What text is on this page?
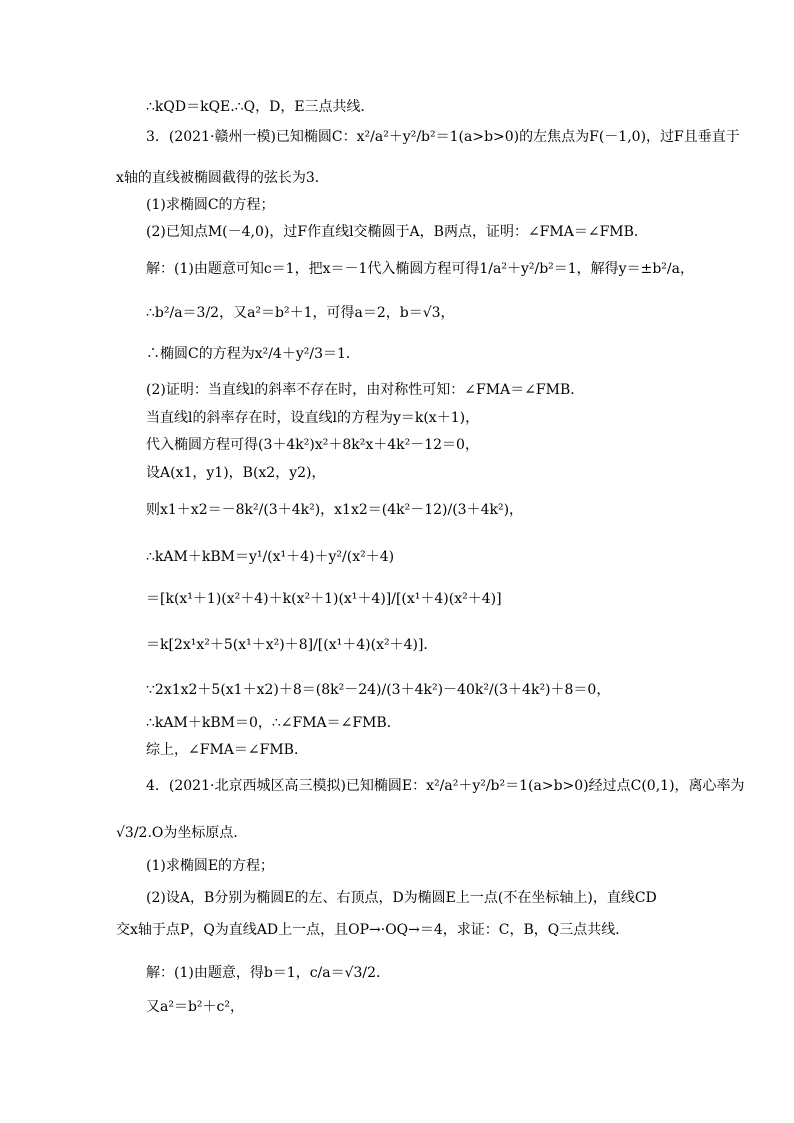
∴kQD＝kQE.∴Q，D，E三点共线．
3．(2021·赣州一模)已知椭圆C：x²/a²＋y²/b²＝1(a>b>0)的左焦点为F(－1,0)，过F且垂直于
x轴的直线被椭圆截得的弦长为3．
(1)求椭圆C的方程；
(2)已知点M(－4,0)，过F作直线l交椭圆于A，B两点，证明：∠FMA＝∠FMB．
解：(1)由题意可知c＝1，把x＝－1代入椭圆方程可得1/a²＋y²/b²＝1，解得y＝±b²/a，
∴b²/a＝3/2，又a²＝b²＋1，可得a＝2，b＝√3，
∴椭圆C的方程为x²/4＋y²/3＝1．
(2)证明：当直线l的斜率不存在时，由对称性可知：∠FMA＝∠FMB．
当直线l的斜率存在时，设直线l的方程为y＝k(x＋1)，
代入椭圆方程可得(3＋4k²)x²＋8k²x＋4k²－12＝0，
设A(x1，y1)，B(x2，y2)，
则x1＋x2＝－8k²/(3＋4k²)，x1x2＝(4k²－12)/(3＋4k²)，
∴kAM＋kBM＝y¹/(x¹＋4)＋y²/(x²＋4)
＝[k(x¹＋1)(x²＋4)＋k(x²＋1)(x¹＋4)]/[(x¹＋4)(x²＋4)]
＝k[2x¹x²＋5(x¹＋x²)＋8]/[(x¹＋4)(x²＋4)]．
∵2x1x2＋5(x1＋x2)＋8＝(8k²－24)/(3＋4k²)－40k²/(3＋4k²)＋8＝0，
∴kAM＋kBM＝0，∴∠FMA＝∠FMB．
综上，∠FMA＝∠FMB．
4．(2021·北京西城区高三模拟)已知椭圆E：x²/a²＋y²/b²＝1(a>b>0)经过点C(0,1)，离心率为
√3/2.O为坐标原点．
(1)求椭圆E的方程；
(2)设A，B分别为椭圆E的左、右顶点，D为椭圆E上一点(不在坐标轴上)，直线CD
交x轴于点P，Q为直线AD上一点，且OP→·OQ→＝4，求证：C，B，Q三点共线．
解：(1)由题意，得b＝1，c/a＝√3/2．
又a²＝b²＋c²，
